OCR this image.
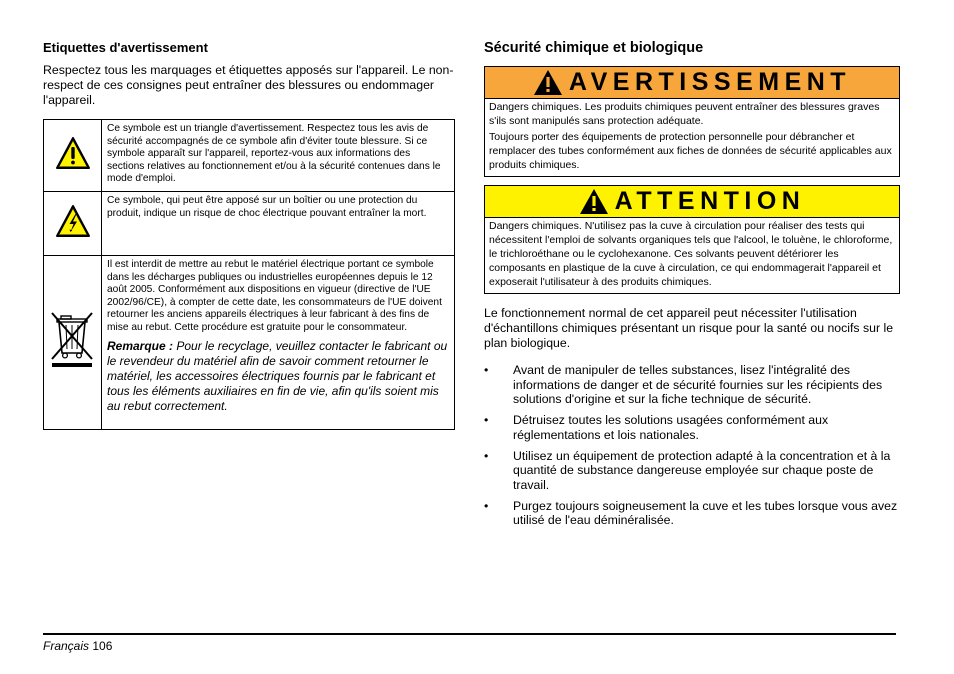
Etiquettes d'avertissement

Respectez tous les marquages et étiquettes apposés sur l'appareil. Le non-respect de ces consignes peut entraîner des blessures ou endommager l'appareil.

	Ce symbole est un triangle d'avertissement. Respectez tous les avis de sécurité accompagnés de ce symbole afin d'éviter toute blessure. Si ce symbole apparaît sur l'appareil, reportez-vous aux informations des sections relatives au fonctionnement et/ou à la sécurité contenues dans le mode d'emploi.
	Ce symbole, qui peut être apposé sur un boîtier ou une protection du produit, indique un risque de choc électrique pouvant entraîner la mort.

Il est interdit de mettre au rebut le matériel électrique portant ce symbole dans les décharges publiques ou industrielles européennes depuis le 12 août 2005. Conformément aux dispositions en vigueur (directive de l'UE 2002/96/CE), à compter de cette date, les consommateurs de l'UE doivent retourner les anciens appareils électriques à leur fabricant à des fins de mise au rebut. Cette procédure est gratuite pour le consommateur.
Remarque : Pour le recyclage, veuillez contacter le fabricant ou le revendeur du matériel afin de savoir comment retourner le matériel, les accessoires électriques fournis par le fabricant et tous les éléments auxiliaires en fin de vie, afin qu'ils soient mis au rebut correctement.
Sécurité chimique et biologique
AVERTISSEMENT

Dangers chimiques. Les produits chimiques peuvent entraîner des blessures graves s'ils sont manipulés sans protection adéquate.

Toujours porter des équipements de protection personnelle pour débrancher et remplacer des tubes conformément aux fiches de données de sécurité applicables aux produits chimiques.

ATTENTION

Dangers chimiques. N'utilisez pas la cuve à circulation pour réaliser des tests qui nécessitent l'emploi de solvants organiques tels que l'alcool, le toluène, le chloroforme, le trichloroéthane ou le cyclohexanone. Ces solvants peuvent détériorer les composants en plastique de la cuve à circulation, ce qui endommagerait l'appareil et exposerait l'utilisateur à des produits chimiques.

Le fonctionnement normal de cet appareil peut nécessiter l'utilisation d'échantillons chimiques présentant un risque pour la santé ou nocifs sur le plan biologique.

• Avant de manipuler de telles substances, lisez l'intégralité des informations de danger et de sécurité fournies sur les récipients des solutions d'origine et sur la fiche technique de sécurité.
• Détruisez toutes les solutions usagées conformément aux réglementations et lois nationales.
• Utilisez un équipement de protection adapté à la concentration et à la quantité de substance dangereuse employée sur chaque poste de travail.
• Purgez toujours soigneusement la cuve et les tubes lorsque vous avez utilisé de l'eau déminéralisée.
Français 106
